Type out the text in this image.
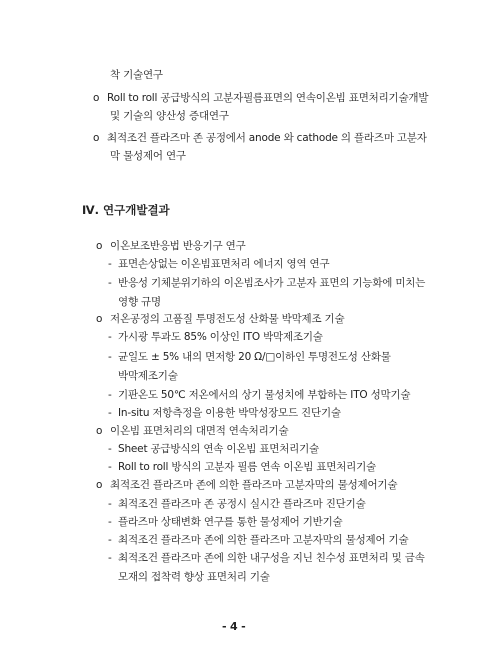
착 기술연구
o Roll to roll 공급방식의 고분자필름표면의 연속이온빔 표면처리기술개발
및 기술의 양산성 증대연구
o 최적조건 플라즈마 존 공정에서 anode 와 cathode 의 플라즈마 고분자
막 물성제어 연구
Ⅳ. 연구개발결과
o 이온보조반응법 반응기구 연구
- 표면손상없는 이온빔표면처리 에너지 영역 연구
- 반응성 기체분위기하의 이온빔조사가 고분자 표면의 기능화에 미치는
영향 규명
o 저온공정의 고품질 투명전도성 산화물 박막제조 기술
- 가시광 투과도 85% 이상인 ITO 박막제조기술
- 균일도 ± 5% 내의 면저항 20 Ω/□이하인 투명전도성 산화물
박막제조기술
- 기판온도 50℃ 저온에서의 상기 물성치에 부합하는 ITO 성막기술
- In-situ 저항측정을 이용한 박막성장모드 진단기술
o 이온빔 표면처리의 대면적 연속처리기술
- Sheet 공급방식의 연속 이온빔 표면처리기술
- Roll to roll 방식의 고분자 필름 연속 이온빔 표면처리기술
o 최적조건 플라즈마 존에 의한 플라즈마 고분자막의 물성제어기술
- 최적조건 플라즈마 존 공정시 실시간 플라즈마 진단기술
- 플라즈마 상태변화 연구를 통한 물성제어 기반기술
- 최적조건 플라즈마 존에 의한 플라즈마 고분자막의 물성제어 기술
- 최적조건 플라즈마 존에 의한 내구성을 지닌 친수성 표면처리 및 금속
모재의 접착력 향상 표면처리 기술
- 4 -
